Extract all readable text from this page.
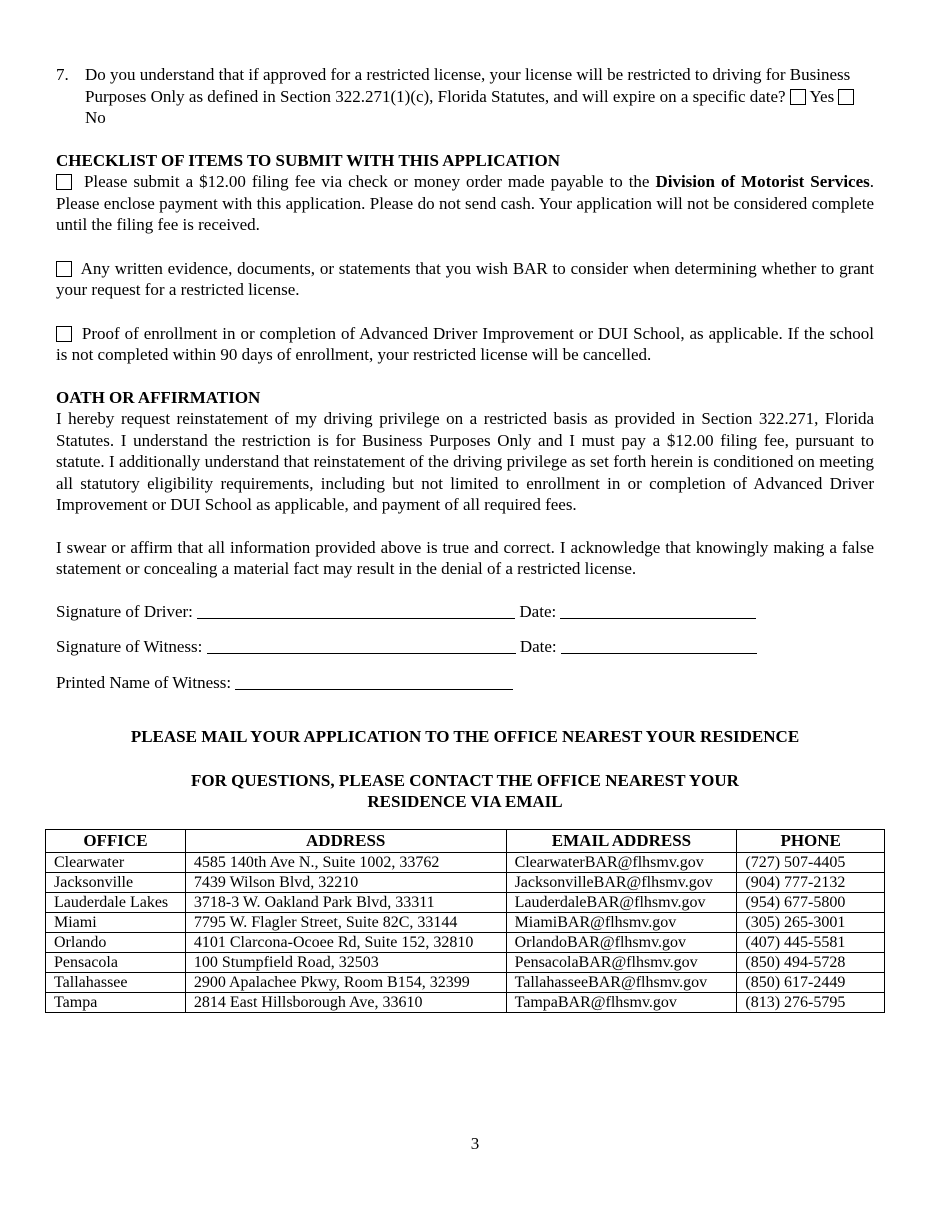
7. Do you understand that if approved for a restricted license, your license will be restricted to driving for Business Purposes Only as defined in Section 322.271(1)(c), Florida Statutes, and will expire on a specific date? Yes  No
CHECKLIST OF ITEMS TO SUBMIT WITH THIS APPLICATION
Please submit a $12.00 filing fee via check or money order made payable to the Division of Motorist Services. Please enclose payment with this application. Please do not send cash. Your application will not be considered complete until the filing fee is received.
Any written evidence, documents, or statements that you wish BAR to consider when determining whether to grant your request for a restricted license.
Proof of enrollment in or completion of Advanced Driver Improvement or DUI School, as applicable. If the school is not completed within 90 days of enrollment, your restricted license will be cancelled.
OATH OR AFFIRMATION
I hereby request reinstatement of my driving privilege on a restricted basis as provided in Section 322.271, Florida Statutes. I understand the restriction is for Business Purposes Only and I must pay a $12.00 filing fee, pursuant to statute. I additionally understand that reinstatement of the driving privilege as set forth herein is conditioned on meeting all statutory eligibility requirements, including but not limited to enrollment in or completion of Advanced Driver Improvement or DUI School as applicable, and payment of all required fees.
I swear or affirm that all information provided above is true and correct. I acknowledge that knowingly making a false statement or concealing a material fact may result in the denial of a restricted license.
Signature of Driver:	Date:
Signature of Witness:	Date:
Printed Name of Witness:
PLEASE MAIL YOUR APPLICATION TO THE OFFICE NEAREST YOUR RESIDENCE
FOR QUESTIONS, PLEASE CONTACT THE OFFICE NEAREST YOUR
RESIDENCE VIA EMAIL
OFFICE	ADDRESS	EMAIL ADDRESS	PHONE
Clearwater	4585 140th Ave N., Suite 1002, 33762	ClearwaterBAR@flhsmv.gov	(727) 507-4405
Jacksonville	7439 Wilson Blvd, 32210	JacksonvilleBAR@flhsmv.gov	(904) 777-2132
Lauderdale Lakes	3718-3 W. Oakland Park Blvd, 33311	LauderdaleBAR@flhsmv.gov	(954) 677-5800
Miami	7795 W. Flagler Street, Suite 82C, 33144	MiamiBAR@flhsmv.gov	(305) 265-3001
Orlando	4101 Clarcona-Ocoee Rd, Suite 152, 32810	OrlandoBAR@flhsmv.gov	(407) 445-5581
Pensacola	100 Stumpfield Road, 32503	PensacolaBAR@flhsmv.gov	(850) 494-5728
Tallahassee	2900 Apalachee Pkwy, Room B154, 32399	TallahasseeBAR@flhsmv.gov	(850) 617-2449
Tampa	2814 East Hillsborough Ave, 33610	TampaBAR@flhsmv.gov	(813) 276-5795
3
